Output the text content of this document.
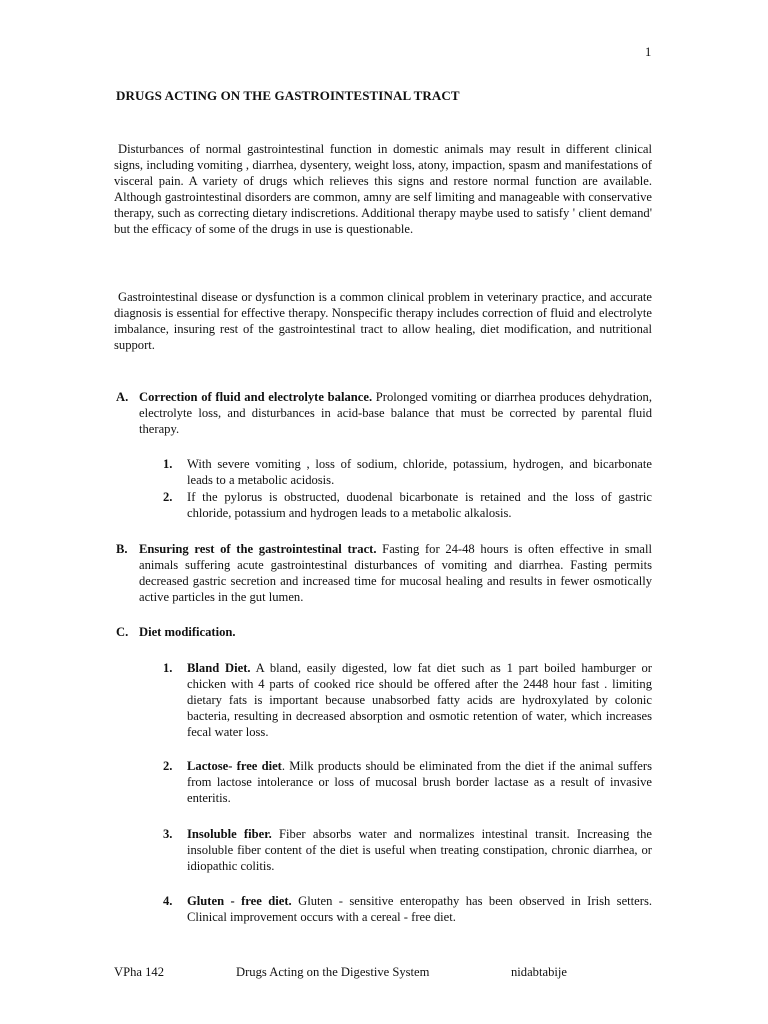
1
DRUGS ACTING ON THE GASTROINTESTINAL TRACT

Disturbances of normal gastrointestinal function in domestic animals may result in different clinical signs, including vomiting , diarrhea, dysentery, weight loss, atony, impaction, spasm and manifestations of visceral pain. A variety of drugs which relieves this signs and restore normal function are available. Although gastrointestinal disorders are common, amny are self limiting and manageable with conservative therapy, such as correcting dietary indiscretions. Additional therapy maybe used to satisfy ' client demand' but the efficacy of some of the drugs in use is questionable.

Gastrointestinal disease or dysfunction is a common clinical problem in veterinary practice, and accurate diagnosis is essential for effective therapy. Nonspecific therapy includes correction of fluid and electrolyte imbalance, insuring rest of the gastrointestinal tract to allow healing, diet modification, and nutritional support.

A. Correction of fluid and electrolyte balance. Prolonged vomiting or diarrhea produces dehydration, electrolyte loss, and disturbances in acid-base balance that must be corrected by parental fluid therapy.
1. With severe vomiting , loss of sodium, chloride, potassium, hydrogen, and bicarbonate leads to a metabolic acidosis.
2. If the pylorus is obstructed, duodenal bicarbonate is retained and the loss of gastric chloride, potassium and hydrogen leads to a metabolic alkalosis.
B. Ensuring rest of the gastrointestinal tract. Fasting for 24-48 hours is often effective in small animals suffering acute gastrointestinal disturbances of vomiting and diarrhea. Fasting permits decreased gastric secretion and increased time for mucosal healing and results in fewer osmotically active particles in the gut lumen.
C. Diet modification.
1. Bland Diet. A bland, easily digested, low fat diet such as 1 part boiled hamburger or chicken with 4 parts of cooked rice should be offered after the 2448 hour fast . limiting dietary fats is important because unabsorbed fatty acids are hydroxylated by colonic bacteria, resulting in decreased absorption and osmotic retention of water, which increases fecal water loss.
2. Lactose- free diet. Milk products should be eliminated from the diet if the animal suffers from lactose intolerance or loss of mucosal brush border lactase as a result of invasive enteritis.
3. Insoluble fiber. Fiber absorbs water and normalizes intestinal transit. Increasing the insoluble fiber content of the diet is useful when treating constipation, chronic diarrhea, or idiopathic colitis.
4. Gluten - free diet. Gluten - sensitive enteropathy has been observed in Irish setters. Clinical improvement occurs with a cereal - free diet.
VPha 142	Drugs Acting on the Digestive System	nidabtabije
